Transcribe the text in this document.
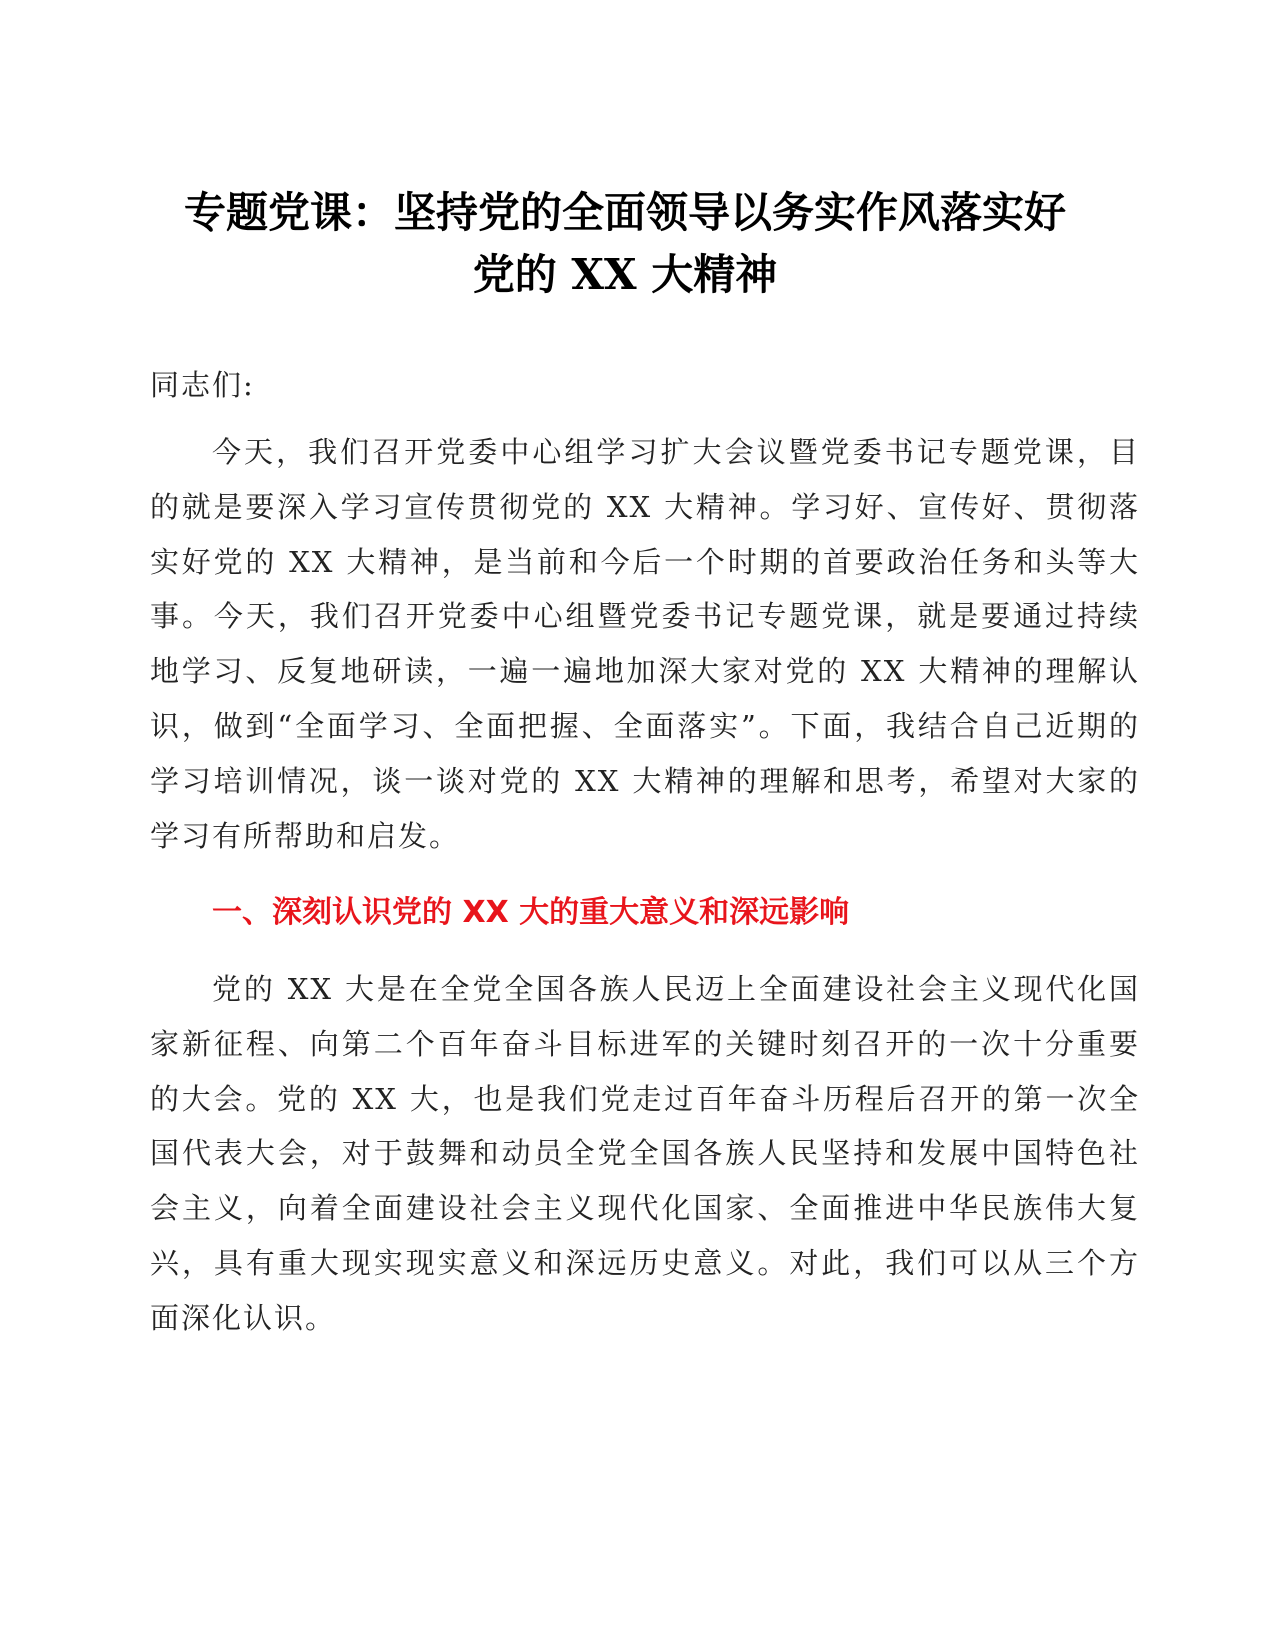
专题党课：坚持党的全面领导以务实作风落实好
党的 XX 大精神

同志们:

今天，我们召开党委中心组学习扩大会议暨党委书记专题党课，目的就是要深入学习宣传贯彻党的 XX 大精神。学习好、宣传好、贯彻落实好党的 XX 大精神，是当前和今后一个时期的首要政治任务和头等大事。今天，我们召开党委中心组暨党委书记专题党课，就是要通过持续地学习、反复地研读，一遍一遍地加深大家对党的 XX 大精神的理解认识，做到“全面学习、全面把握、全面落实”。下面，我结合自己近期的学习培训情况，谈一谈对党的 XX 大精神的理解和思考，希望对大家的学习有所帮助和启发。

一、深刻认识党的 XX 大的重大意义和深远影响

党的 XX 大是在全党全国各族人民迈上全面建设社会主义现代化国家新征程、向第二个百年奋斗目标进军的关键时刻召开的一次十分重要的大会。党的 XX 大，也是我们党走过百年奋斗历程后召开的第一次全国代表大会，对于鼓舞和动员全党全国各族人民坚持和发展中国特色社会主义，向着全面建设社会主义现代化国家、全面推进中华民族伟大复兴，具有重大现实现实意义和深远历史意义。对此，我们可以从三个方面深化认识。
